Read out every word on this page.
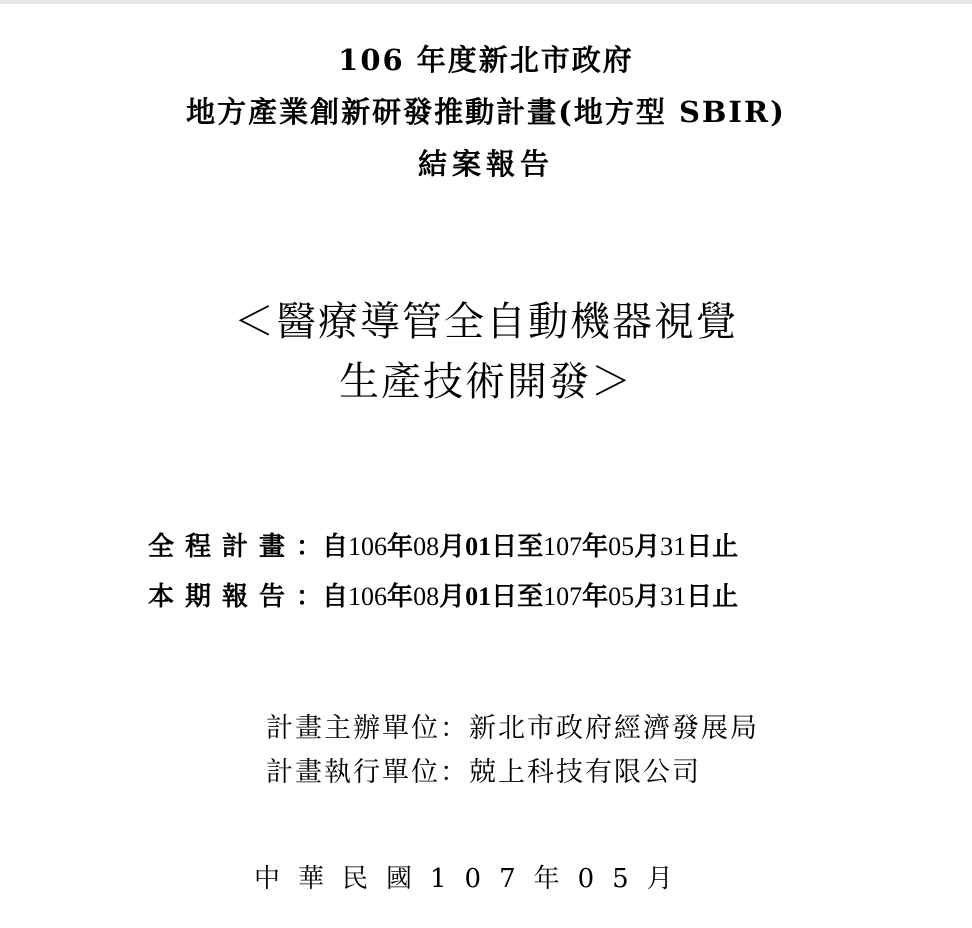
106 年度新北市政府
地方產業創新研發推動計畫(地方型 SBIR)
結案報告
＜醫療導管全自動機器視覺
生產技術開發＞
全程計畫：自106年08月01日至107年05月31日止
本期報告：自106年08月01日至107年05月31日止
計畫主辦單位：新北市政府經濟發展局
計畫執行單位：兢上科技有限公司
中華民國107年05月
